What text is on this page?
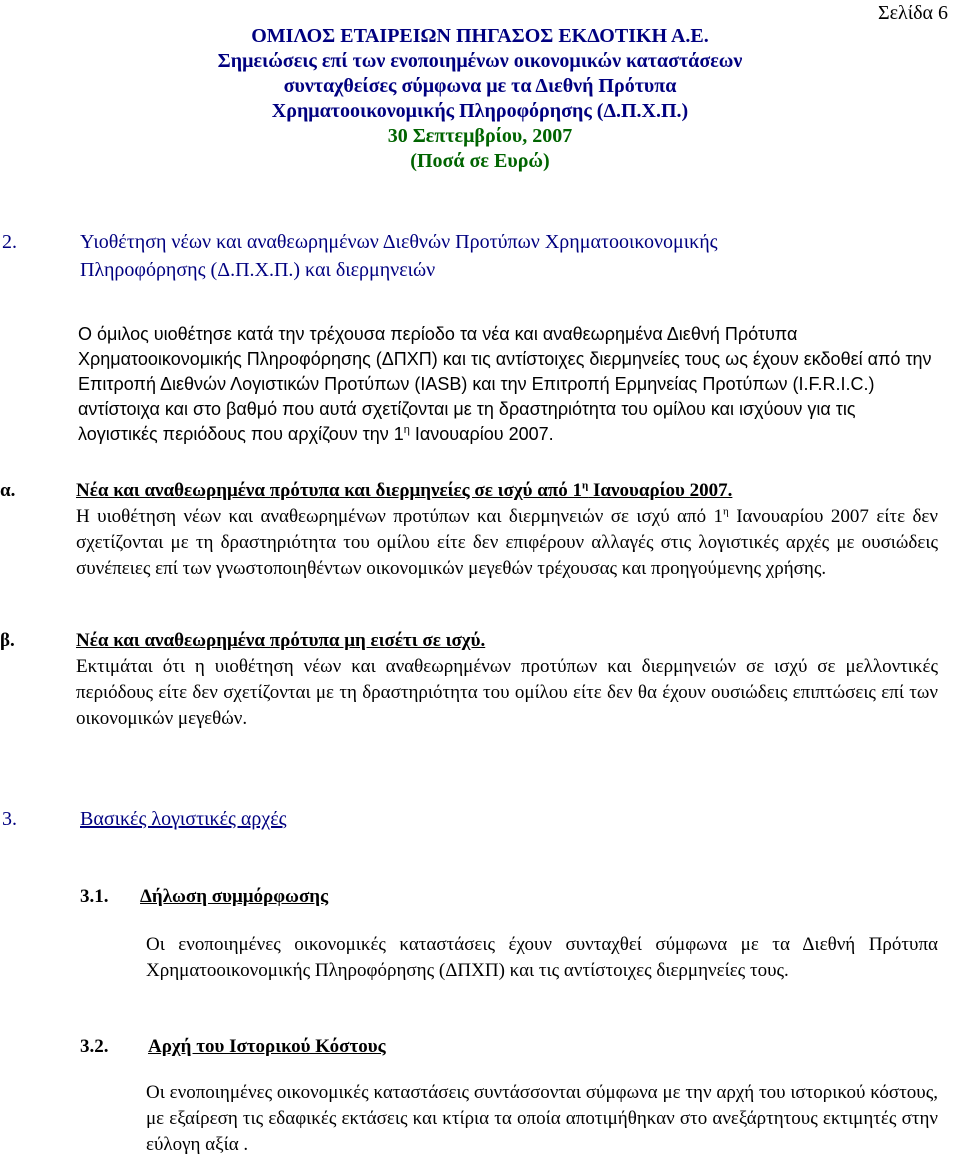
Σελίδα 6
ΟΜΙΛΟΣ ΕΤΑΙΡΕΙΩΝ ΠΗΓΑΣΟΣ ΕΚΔΟΤΙΚΗ Α.Ε.
Σημειώσεις επί των ενοποιημένων οικονομικών καταστάσεων
συνταχθείσες σύμφωνα με τα Διεθνή Πρότυπα
Χρηματοοικονομικής Πληροφόρησης (Δ.Π.Χ.Π.)
30 Σεπτεμβρίου, 2007
(Ποσά σε Ευρώ)
2.	Υιοθέτηση νέων και αναθεωρημένων Διεθνών Προτύπων Χρηματοοικονομικής
Πληροφόρησης (Δ.Π.Χ.Π.) και διερμηνειών
Ο όμιλος υιοθέτησε κατά την τρέχουσα περίοδο τα νέα και αναθεωρημένα Διεθνή Πρότυπα Χρηματοοικονομικής Πληροφόρησης (ΔΠΧΠ) και τις αντίστοιχες διερμηνείες τους ως έχουν εκδοθεί από την Επιτροπή Διεθνών Λογιστικών Προτύπων (IASB) και την Επιτροπή Ερμηνείας Προτύπων (I.F.R.I.C.) αντίστοιχα και στο βαθμό που αυτά σχετίζονται με τη δραστηριότητα του ομίλου και ισχύουν για τις λογιστικές περιόδους που αρχίζουν την $1^\eta$ Ιανουαρίου 2007.
α.	Νέα και αναθεωρημένα πρότυπα και διερμηνείες σε ισχύ από $1^\eta$ Ιανουαρίου 2007.
Η υιοθέτηση νέων και αναθεωρημένων προτύπων και διερμηνειών σε ισχύ από $1^\eta$ Ιανουαρίου 2007 είτε δεν σχετίζονται με τη δραστηριότητα του ομίλου είτε δεν επιφέρουν αλλαγές στις λογιστικές αρχές με ουσιώδεις συνέπειες επί των γνωστοποιηθέντων οικονομικών μεγεθών τρέχουσας και προηγούμενης χρήσης.
β.	Νέα και αναθεωρημένα πρότυπα μη εισέτι σε ισχύ.
Εκτιμάται ότι η υιοθέτηση νέων και αναθεωρημένων προτύπων και διερμηνειών σε ισχύ σε μελλοντικές περιόδους είτε δεν σχετίζονται με τη δραστηριότητα του ομίλου είτε δεν θα έχουν ουσιώδεις επιπτώσεις επί των οικονομικών μεγεθών.
3.	Βασικές λογιστικές αρχές
3.1.	Δήλωση συμμόρφωσης
Οι ενοποιημένες οικονομικές καταστάσεις έχουν συνταχθεί σύμφωνα με τα Διεθνή Πρότυπα Χρηματοοικονομικής Πληροφόρησης (ΔΠΧΠ) και τις αντίστοιχες διερμηνείες τους.
3.2.	Αρχή του Ιστορικού Κόστους
Οι ενοποιημένες οικονομικές καταστάσεις συντάσσονται σύμφωνα με την αρχή του ιστορικού κόστους, με εξαίρεση τις εδαφικές εκτάσεις και κτίρια τα οποία αποτιμήθηκαν στο ανεξάρτητους εκτιμητές στην εύλογη αξία .
